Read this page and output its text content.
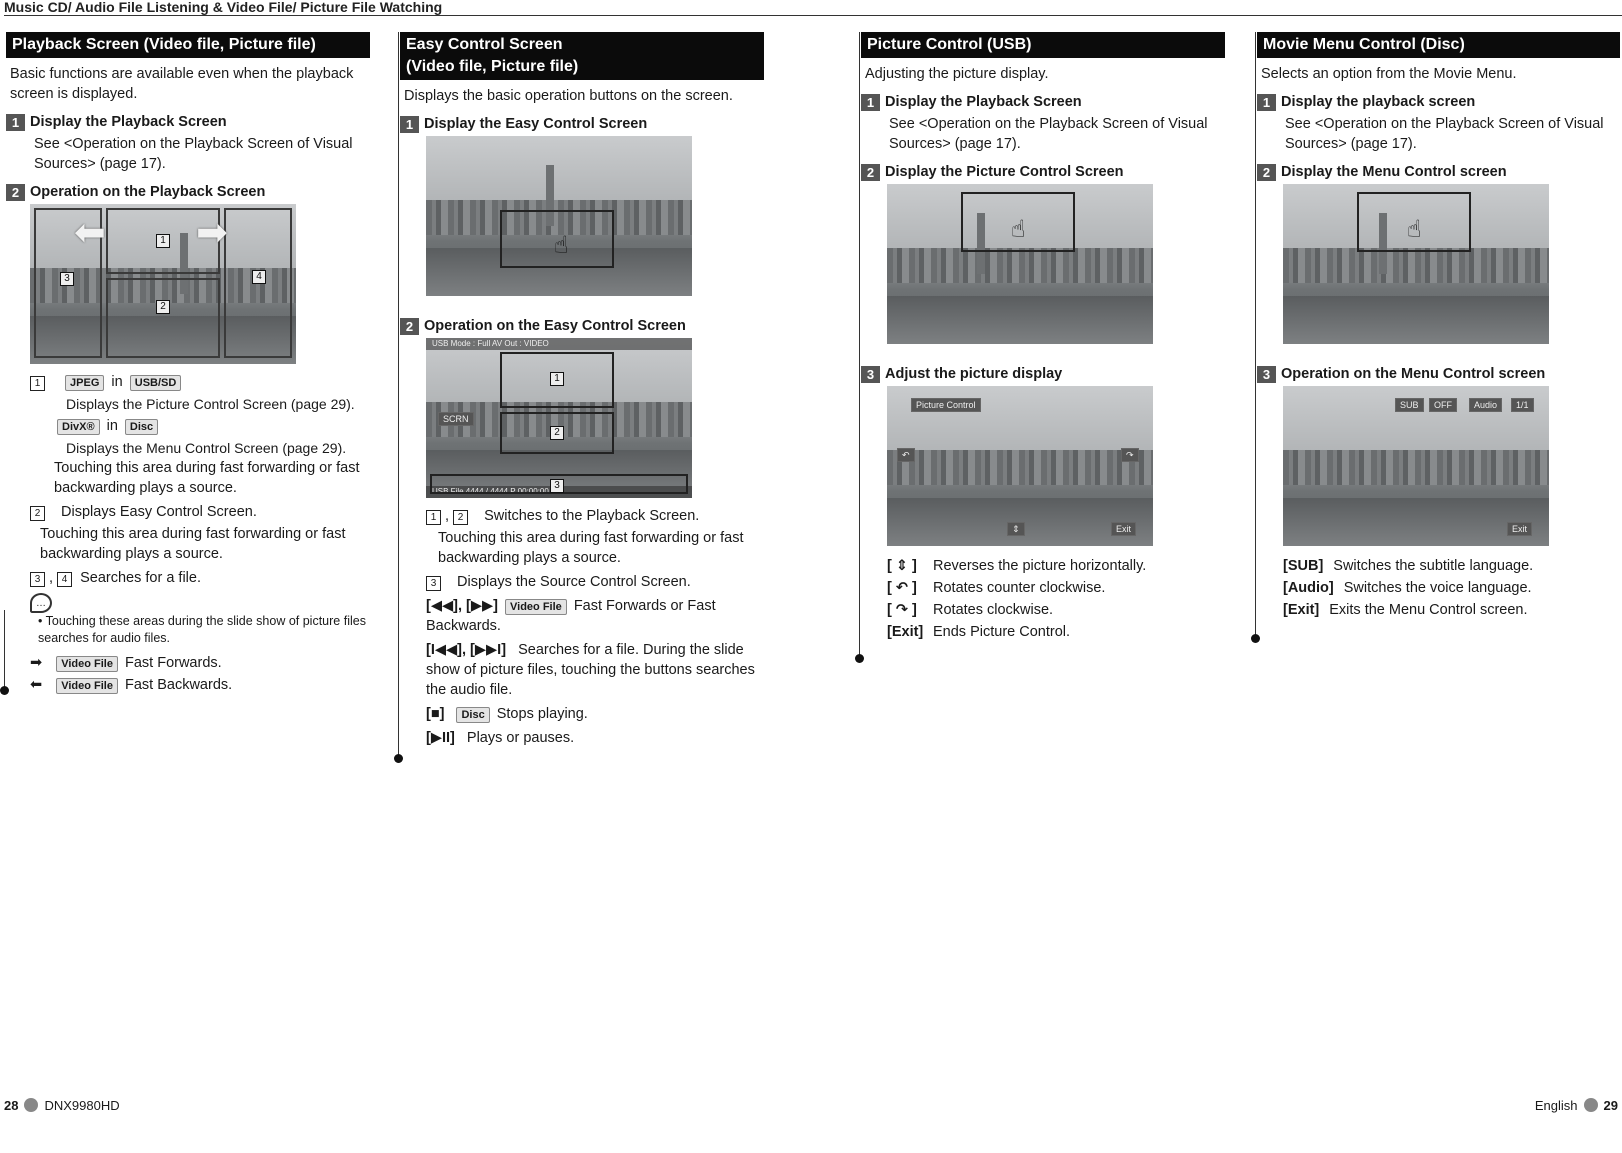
Music CD/ Audio File Listening & Video File/ Picture File Watching
Playback Screen (Video file, Picture file)
Basic functions are available even when the playback screen is displayed.
1 Display the Playback Screen
See <Operation on the Playback Screen of Visual Sources> (page 17).
2 Operation on the Playback Screen
1
2
3	4
⬅ ➡
1	JPEG in USB/SD
Displays the Picture Control Screen (page 29).
DivX® in Disc
Displays the Menu Control Screen (page 29).
Touching this area during fast forwarding or fast backwarding plays a source.
2 Displays Easy Control Screen.
Touching this area during fast forwarding or fast backwarding plays a source.
3 , 4 Searches for a file.
…
• Touching these areas during the slide show of picture files searches for audio files.
➡ Video File Fast Forwards.
⬅ Video File Fast Backwards.
Easy Control Screen
(Video file, Picture file)
Displays the basic operation buttons on the screen.
1 Display the Easy Control Screen
☝
2 Operation on the Easy Control Screen
USB Mode : Full AV Out : VIDEO
SCRN
USB File 4444 / 4444 P 00:00:00
1
2
3
1 , 2 Switches to the Playback Screen.
Touching this area during fast forwarding or fast backwarding plays a source.
3 Displays the Source Control Screen.
[◀◀], [▶▶] Video File Fast Forwards or Fast Backwards.
[I◀◀], [▶▶I] Searches for a file. During the slide show of picture files, touching the buttons searches the audio file.
[■] Disc Stops playing.
[▶II] Plays or pauses.
Picture Control (USB)
Adjusting the picture display.
1 Display the Playback Screen
See <Operation on the Playback Screen of Visual Sources> (page 17).
2 Display the Picture Control Screen
☝
3 Adjust the picture display
Picture Control
↶	↷
⇕	Exit
[ ⇕ ] Reverses the picture horizontally.
[ ↶ ] Rotates counter clockwise.
[ ↷ ] Rotates clockwise.
[Exit] Ends Picture Control.
Movie Menu Control (Disc)
Selects an option from the Movie Menu.
1 Display the playback screen
See <Operation on the Playback Screen of Visual Sources> (page 17).
2 Display the Menu Control screen
☝
3 Operation on the Menu Control screen
SUB	OFF	Audio	1/1
Exit
[SUB] Switches the subtitle language.
[Audio] Switches the voice language.
[Exit] Exits the Menu Control screen.
28 DNX9980HD	English 29
